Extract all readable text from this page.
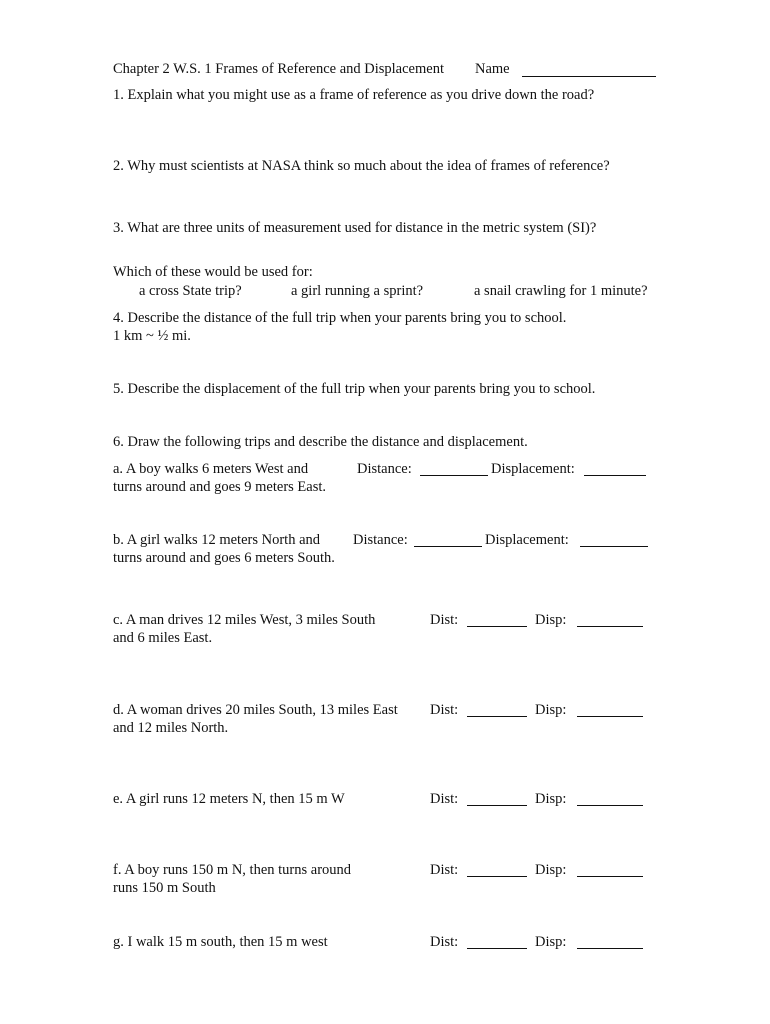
Chapter 2 W.S. 1 Frames of Reference and Displacement Name
1. Explain what you might use as a frame of reference as you drive down the road?
2. Why must scientists at NASA think so much about the idea of frames of reference?
3. What are three units of measurement used for distance in the metric system (SI)?
Which of these would be used for:
a cross State trip?	a girl running a sprint?	a snail crawling for 1 minute?
4. Describe the distance of the full trip when your parents bring you to school.
1 km ~ ½ mi.
5. Describe the displacement of the full trip when your parents bring you to school.
6. Draw the following trips and describe the distance and displacement.
a. A boy walks 6 meters West and
turns around and goes 9 meters East.
Distance:	Displacement:
b. A girl walks 12 meters North and
turns around and goes 6 meters South.
Distance:	Displacement:
c. A man drives 12 miles West, 3 miles South
and 6 miles East.
Dist:	Disp:
d. A woman drives 20 miles South, 13 miles East
and 12 miles North.
Dist:	Disp:
e. A girl runs 12 meters N, then 15 m W	Dist:	Disp:
f. A boy runs 150 m N, then turns around
runs 150 m South
Dist:	Disp:
g. I walk 15 m south, then 15 m west	Dist:	Disp:
